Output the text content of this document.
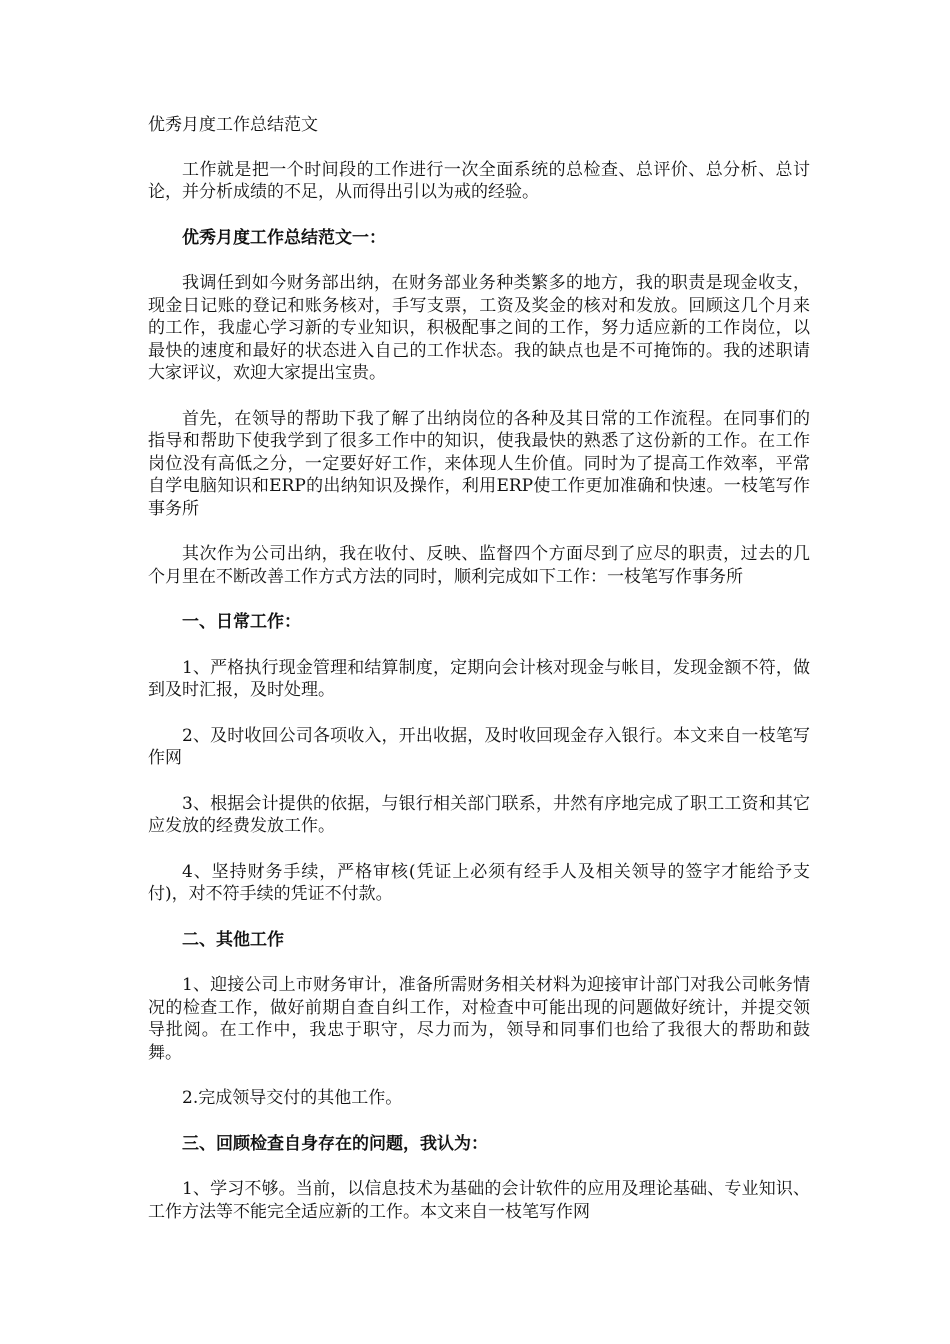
优秀月度工作总结范文

工作就是把一个时间段的工作进行一次全面系统的总检查、总评价、总分析、总讨论，并分析成绩的不足，从而得出引以为戒的经验。

优秀月度工作总结范文一：

我调任到如今财务部出纳，在财务部业务种类繁多的地方，我的职责是现金收支，现金日记账的登记和账务核对，手写支票，工资及奖金的核对和发放。回顾这几个月来的工作，我虚心学习新的专业知识，积极配事之间的工作，努力适应新的工作岗位，以最快的速度和最好的状态进入自己的工作状态。我的缺点也是不可掩饰的。我的述职请大家评议，欢迎大家提出宝贵。

首先，在领导的帮助下我了解了出纳岗位的各种及其日常的工作流程。在同事们的指导和帮助下使我学到了很多工作中的知识，使我最快的熟悉了这份新的工作。在工作岗位没有高低之分，一定要好好工作，来体现人生价值。同时为了提高工作效率，平常自学电脑知识和ERP的出纳知识及操作，利用ERP使工作更加准确和快速。一枝笔写作事务所

其次作为公司出纳，我在收付、反映、监督四个方面尽到了应尽的职责，过去的几个月里在不断改善工作方式方法的同时，顺利完成如下工作：一枝笔写作事务所

一、日常工作：

1、严格执行现金管理和结算制度，定期向会计核对现金与帐目，发现金额不符，做到及时汇报，及时处理。

2、及时收回公司各项收入，开出收据，及时收回现金存入银行。本文来自一枝笔写作网

3、根据会计提供的依据，与银行相关部门联系，井然有序地完成了职工工资和其它应发放的经费发放工作。

4、坚持财务手续，严格审核(凭证上必须有经手人及相关领导的签字才能给予支付)，对不符手续的凭证不付款。

二、其他工作

1、迎接公司上市财务审计，准备所需财务相关材料为迎接审计部门对我公司帐务情况的检查工作，做好前期自查自纠工作，对检查中可能出现的问题做好统计，并提交领导批阅。在工作中，我忠于职守，尽力而为，领导和同事们也给了我很大的帮助和鼓舞。

2.完成领导交付的其他工作。

三、回顾检查自身存在的问题，我认为：

1、学习不够。当前，以信息技术为基础的会计软件的应用及理论基础、专业知识、工作方法等不能完全适应新的工作。本文来自一枝笔写作网
